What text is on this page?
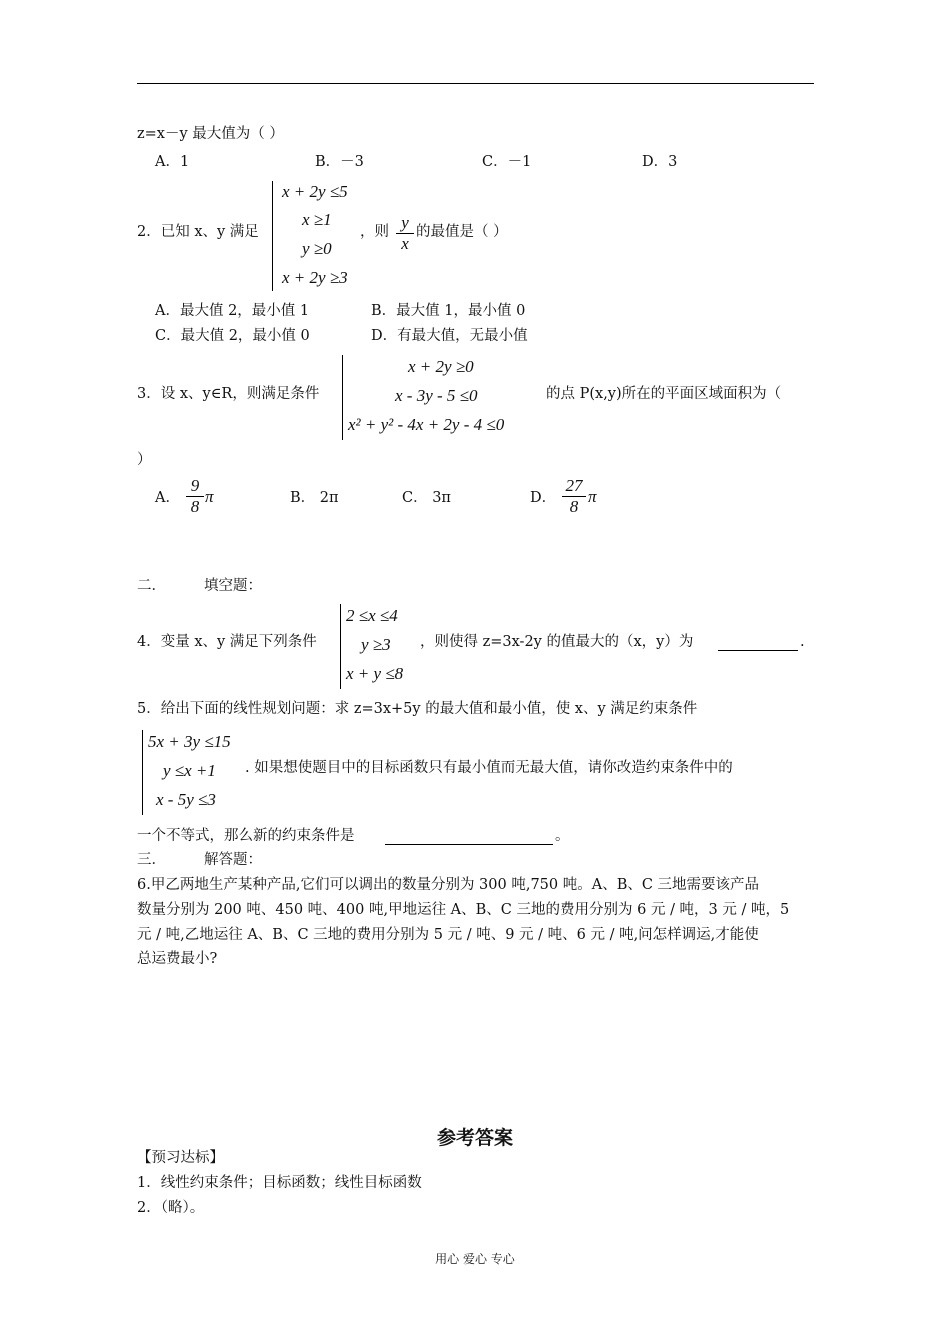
z=x－y 最大值为（ ）
A．1	B．－3	C．－1	D．3
2．已知 x、y 满足
x + 2y ≤5
x ≥1
y ≥0
x + 2y ≥3
，则 $\frac{y}{x}$ 的最值是（ ）
A．最大值 2，最小值 1	B．最大值 1，最小值 0
C．最大值 2，最小值 0	D．有最大值，无最小值
3．设 x、y∈R，则满足条件
x + 2y ≥0
x - 3y - 5 ≤0
x² + y² - 4x + 2y - 4 ≤0
的点 P(x,y)所在的平面区域面积为（
）
A． $\frac{9}{8}$ π	B． 2π	C． 3π	D． $\frac{27}{8}$ π
二．	填空题：
4．变量 x、y 满足下列条件
2 ≤x ≤4
y ≥3
x + y ≤8
，则使得 z=3x-2y 的值最大的（x，y）为	.
5．给出下面的线性规划问题：求 z=3x+5y 的最大值和最小值，使 x、y 满足约束条件
5x + 3y ≤15
y ≤x +1
x - 5y ≤3
. 如果想使题目中的目标函数只有最小值而无最大值，请你改造约束条件中的
一个不等式，那么新的约束条件是	。
三．	解答题：
6.甲乙两地生产某种产品,它们可以调出的数量分别为 300 吨,750 吨。A、B、C 三地需要该产品
数量分别为 200 吨、450 吨、400 吨,甲地运往 A、B、C 三地的费用分别为 6 元 / 吨，3 元 / 吨，5
元 / 吨,乙地运往 A、B、C 三地的费用分别为 5 元 / 吨、9 元 / 吨、6 元 / 吨,问怎样调运,才能使
总运费最小?
参考答案
【预习达标】
1．线性约束条件；目标函数；线性目标函数
2．（略）。
用心 爱心 专心
